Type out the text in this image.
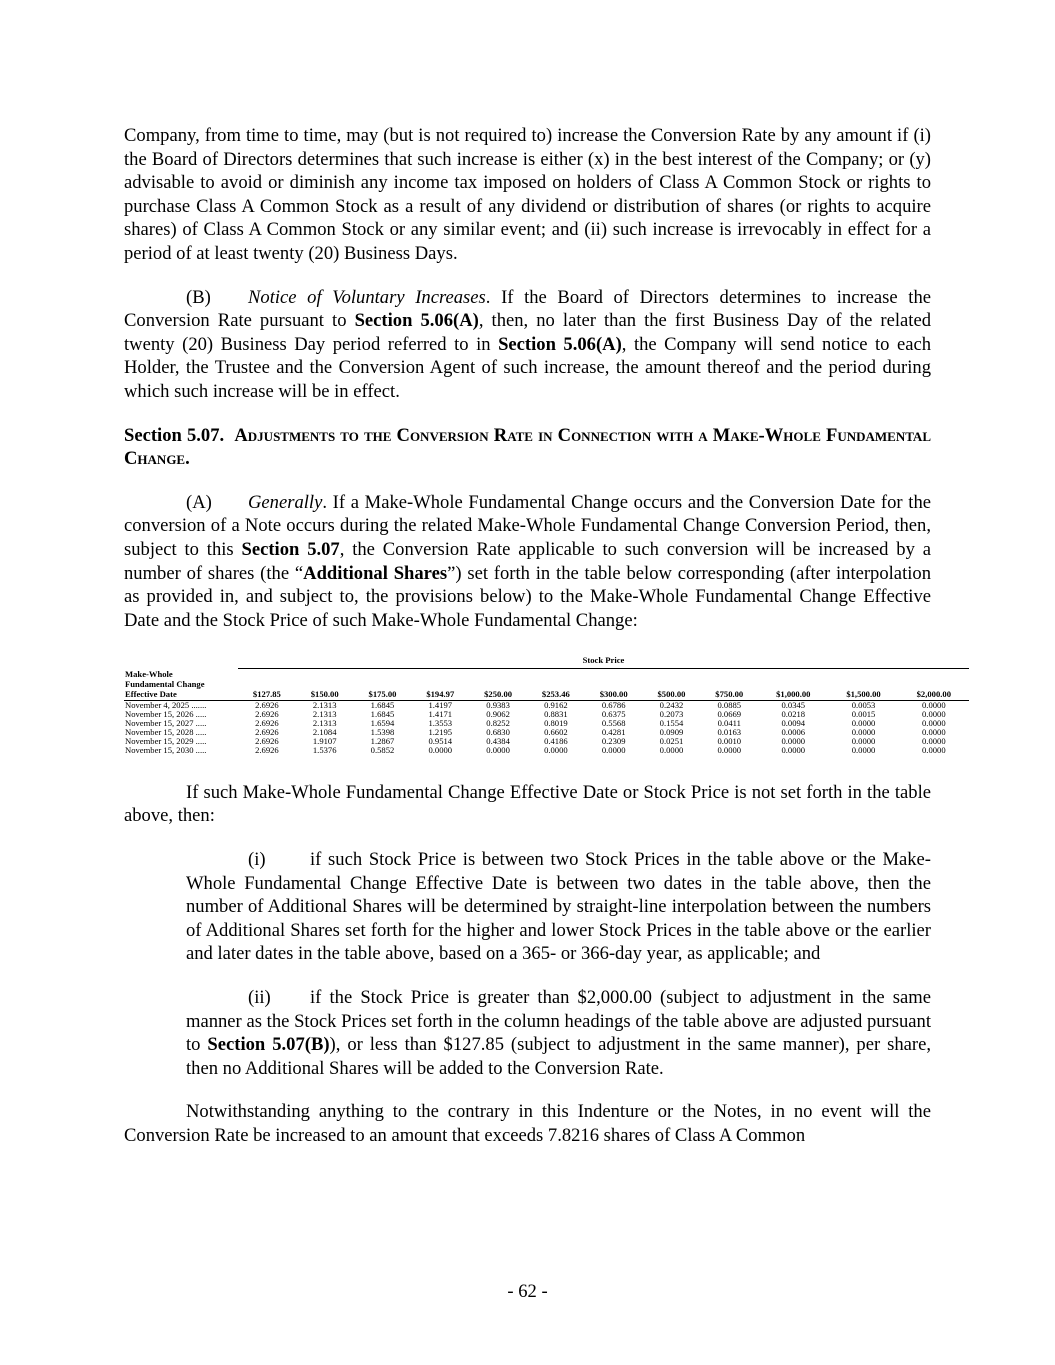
Company, from time to time, may (but is not required to) increase the Conversion Rate by any amount if (i) the Board of Directors determines that such increase is either (x) in the best interest of the Company; or (y) advisable to avoid or diminish any income tax imposed on holders of Class A Common Stock or rights to purchase Class A Common Stock as a result of any dividend or distribution of shares (or rights to acquire shares) of Class A Common Stock or any similar event; and (ii) such increase is irrevocably in effect for a period of at least twenty (20) Business Days.

(B) Notice of Voluntary Increases. If the Board of Directors determines to increase the Conversion Rate pursuant to Section 5.06(A), then, no later than the first Business Day of the related twenty (20) Business Day period referred to in Section 5.06(A), the Company will send notice to each Holder, the Trustee and the Conversion Agent of such increase, the amount thereof and the period during which such increase will be in effect.

Section 5.07. Adjustments to the Conversion Rate in Connection with a Make-Whole Fundamental Change.

(A) Generally. If a Make-Whole Fundamental Change occurs and the Conversion Date for the conversion of a Note occurs during the related Make-Whole Fundamental Change Conversion Period, then, subject to this Section 5.07, the Conversion Rate applicable to such conversion will be increased by a number of shares (the “Additional Shares”) set forth in the table below corresponding (after interpolation as provided in, and subject to, the provisions below) to the Make-Whole Fundamental Change Effective Date and the Stock Price of such Make-Whole Fundamental Change:

	Stock Price											
Make-Whole
Fundamental Change
Effective Date	$127.85	$150.00	$175.00	$194.97	$250.00	$253.46	$300.00	$500.00	$750.00	$1,000.00	$1,500.00	$2,000.00
November 4, 2025 .......	2.6926	2.1313	1.6845	1.4197	0.9383	0.9162	0.6786	0.2432	0.0885	0.0345	0.0053	0.0000
November 15, 2026 .....	2.6926	2.1313	1.6845	1.4171	0.9062	0.8831	0.6375	0.2073	0.0669	0.0218	0.0015	0.0000
November 15, 2027 .....	2.6926	2.1313	1.6594	1.3553	0.8252	0.8019	0.5568	0.1554	0.0411	0.0094	0.0000	0.0000
November 15, 2028 .....	2.6926	2.1084	1.5398	1.2195	0.6830	0.6602	0.4281	0.0909	0.0163	0.0006	0.0000	0.0000
November 15, 2029 .....	2.6926	1.9107	1.2867	0.9514	0.4384	0.4186	0.2309	0.0251	0.0010	0.0000	0.0000	0.0000
November 15, 2030 .....	2.6926	1.5376	0.5852	0.0000	0.0000	0.0000	0.0000	0.0000	0.0000	0.0000	0.0000	0.0000

If such Make-Whole Fundamental Change Effective Date or Stock Price is not set forth in the table above, then:

(i) if such Stock Price is between two Stock Prices in the table above or the Make-Whole Fundamental Change Effective Date is between two dates in the table above, then the number of Additional Shares will be determined by straight-line interpolation between the numbers of Additional Shares set forth for the higher and lower Stock Prices in the table above or the earlier and later dates in the table above, based on a 365- or 366-day year, as applicable; and

(ii) if the Stock Price is greater than $2,000.00 (subject to adjustment in the same manner as the Stock Prices set forth in the column headings of the table above are adjusted pursuant to Section 5.07(B)), or less than $127.85 (subject to adjustment in the same manner), per share, then no Additional Shares will be added to the Conversion Rate.

Notwithstanding anything to the contrary in this Indenture or the Notes, in no event will the Conversion Rate be increased to an amount that exceeds 7.8216 shares of Class A Common

- 62 -
